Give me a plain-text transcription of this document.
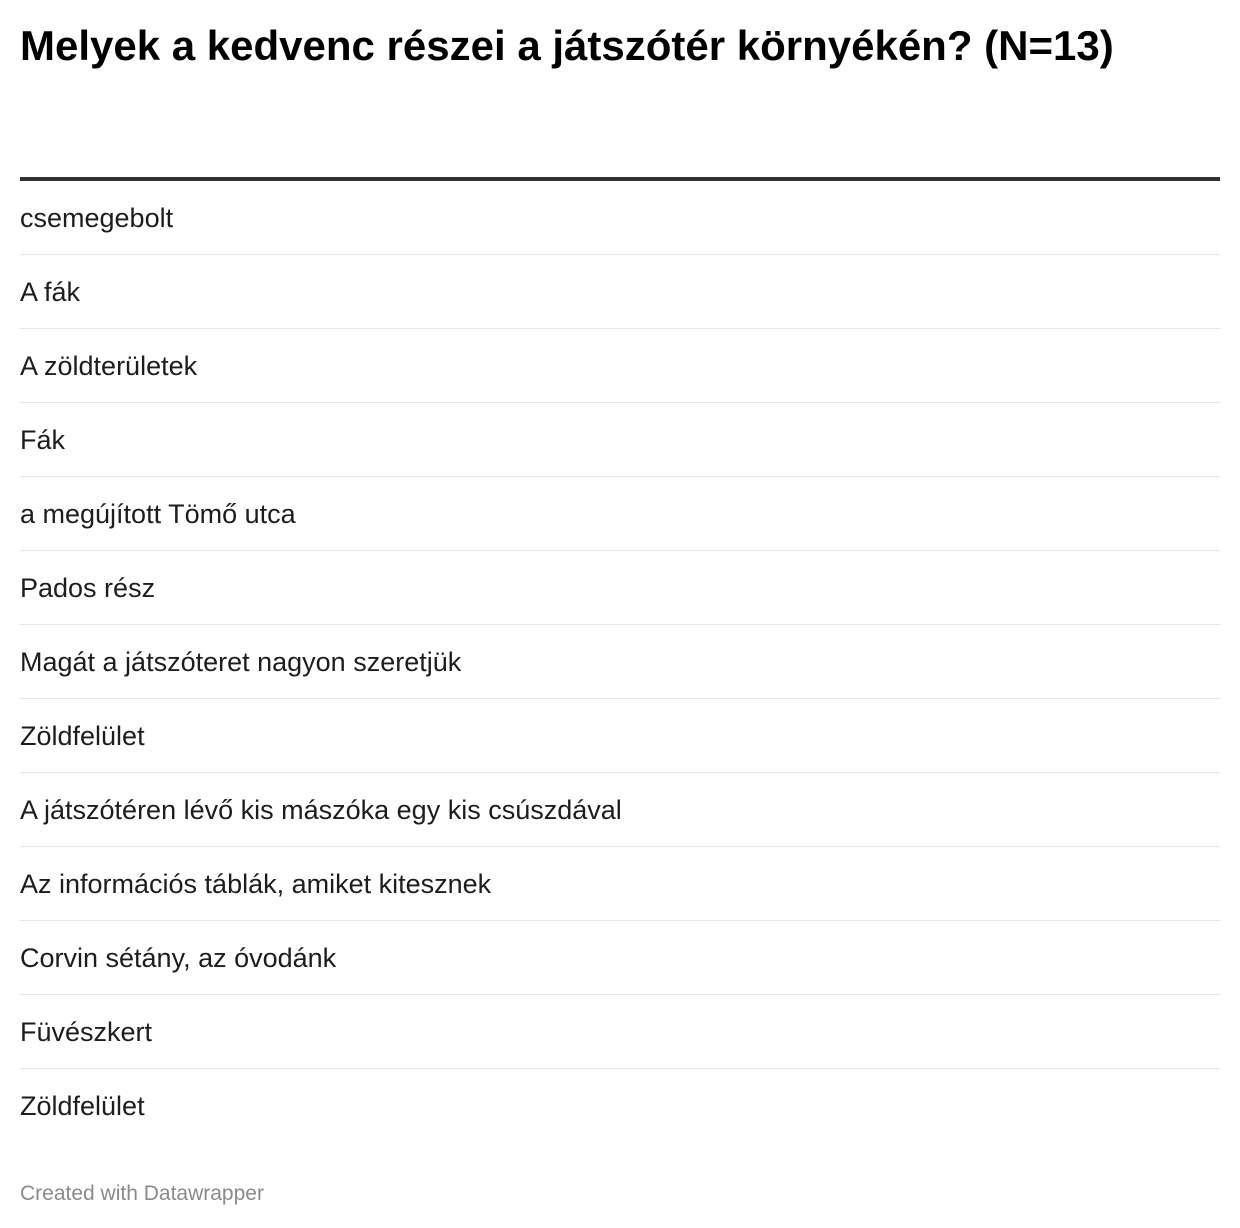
Melyek a kedvenc részei a játszótér környékén? (N=13)
csemegebolt
A fák
A zöldterületek
Fák
a megújított Tömő utca
Pados rész
Magát a játszóteret nagyon szeretjük
Zöldfelület
A játszótéren lévő kis mászóka egy kis csúszdával
Az információs táblák, amiket kitesznek
Corvin sétány, az óvodánk
Füvészkert
Zöldfelület
Created with Datawrapper
